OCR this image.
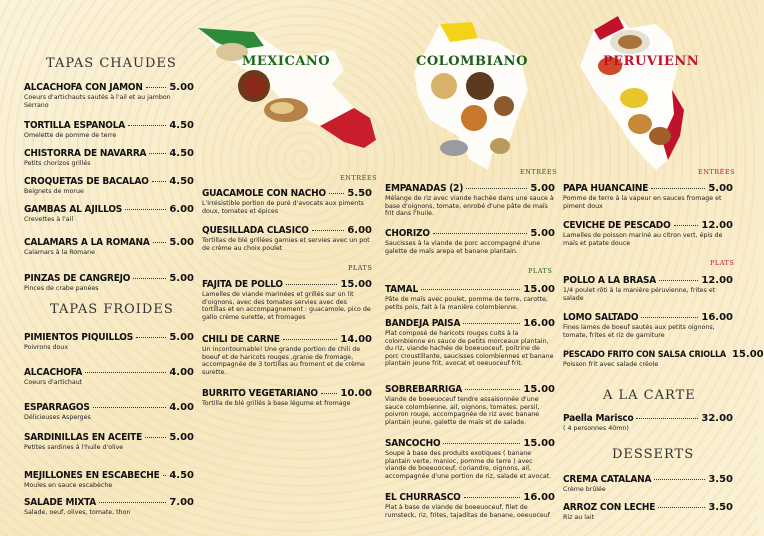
MEXICANO	COLOMBIANO	PERUVIENN
TAPAS CHAUDES
ALCACHOFA CON JAMON	5.00
Coeurs d'artichauts sautés à l'ail et au jambon Serrano
TORTILLA ESPANOLA	4.50
Omelette de pomme de terre
CHISTORRA DE NAVARRA 4.50
Petits chorizos grillés
CROQUETAS DE BACALAO 4.50
Beignets de morue
GAMBAS AL AJILLOS	6.00
Crevettes à l'ail
CALAMARS A LA ROMANA 5.00
Calamars à la Romane
PINZAS DE CANGREJO	5.00
Pinces de crabe panées
TAPAS FROIDES
PIMIENTOS PIQUILLOS	5.00
Poivrons doux
ALCACHOFA	4.00
Coeurs d'artichaut
ESPARRAGOS	4.00
Délicieuses Asperges
SARDINILLAS EN ACEITE	5.00
Petites sardines à l'huile d'olive
MEJILLONES EN ESCABECHE 4.50
Moules en sauce escabèche
SALADE MIXTA	7.00
Salade, oeuf, olives, tomate, thon
ENTRÉES
GUACAMOLE CON NACHO 5.50
L'irrésistible portion de puré d'avocats aux piments doux, tomates et épices
QUESILLADA CLASICO	6.00
Tortillas de blé grillées garnies et servies avec un pot de crème au choix poulet
PLATS
FAJITA DE POLLO	15.00
Lamelles de viande marinées et grillés sur un lit d'oignons, avec des tomates servies avec des tortillas et en accompagnement : guacamole, pico de gallo crème surette, et fromages
CHILI DE CARNE	14.00
Un incontournable! Une grande portion de chili de boeuf et de haricots rouges ,granie de fromage, accompagnée de 3 tortillas au froment et de crème surette.
BURRITO VEGETARIANO 10.00
Tortilla de blé grillés à base légume et fromage
ENTRÉES
EMPANADAS (2)	5.00
Mélange de riz avec viande hachée dans une sauce à base d'oignons, tomate, enrobé d'une pâte de maïs frit dans l'huile.
CHORIZO	5.00
Saucisses à la viande de porc accompagné d'une galette de maïs arepa et banane plantain.
PLATS
TAMAL	15.00
Pâte de maïs avec poulet, pomme de terre, carotte, petits pois, fait à la manière colombienne.
BANDEJA PAISA	16.00
Plat composé de haricots rouges cuits à la colombienne en sauce de petits morceaux plantain, du riz, viande hachée de boeeuoceuf, poitrine de porc croustillante, saucisses colombiennes et banane plantain jeune frit, avocat et oeeuoceuf frit.
SOBREBARRIGA	15.00
Viande de boeeuoceuf tendre assaisonnée d'une sauce colombienne, ail, oignons, tomates, persil, poivron rouge, accompagnée de riz avec banane plantain jeune, galette de maïs et de salade.
SANCOCHO	15.00
Soupe à base des produits exotiques ( banane plantain verte, manioc, pomme de terre ) avec viande de boeeuoceuf, coriandre, oignons, ail, accompagnée d'une portion de riz, salade et avocat.
EL CHURRASCO	16.00
Plat à base de viande de boeeuoceuf, filet de rumsteck, riz, frites, tajaditas de banane, oeeuoceuf
ENTRÉES
PAPA HUANCAINE	5.00
Pomme de terre à la vapeur en sauces fromage et piment doux
CEVICHE DE PESCADO	12.00
Lamelles de poisson mariné au citron vert, épis de maïs et patate douce
PLATS
POLLO A LA BRASA	12.00
1/4 poulet rôti à la manière péruvienne, frites et salade
LOMO SALTADO	16.00
Fines lames de boeuf sautés aux petits oignons, tomate, frites et riz de garniture
PESCADO FRITO CON SALSA CRIOLLA 15.00
Poisson frit avec salade créole
A LA CARTE
Paella Marisco	32.00
( 4 personnes 40mn)
DESSERTS
CREMA CATALANA	3.50
Crème brûlée
ARROZ CON LECHE	3.50
Riz au lait
